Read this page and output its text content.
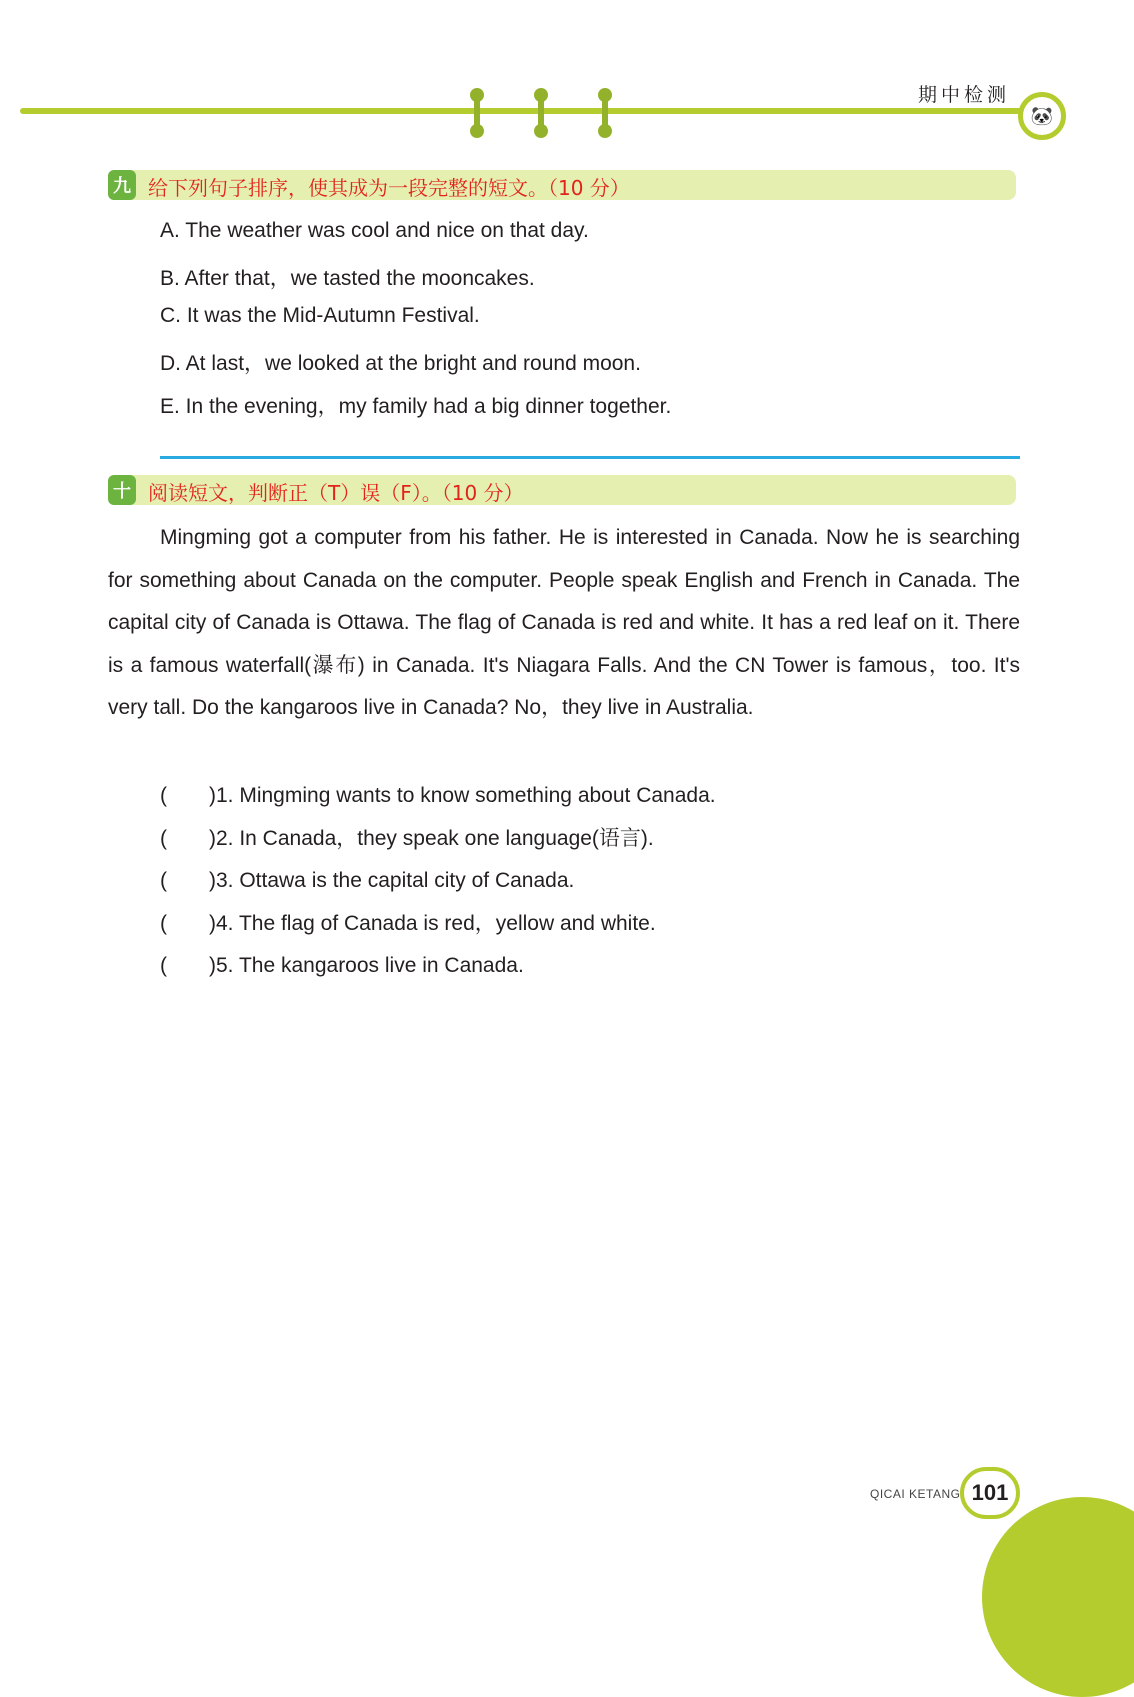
期中检测
🐼
九 给下列句子排序，使其成为一段完整的短文。（10 分）
A. The weather was cool and nice on that day.
B. After that，we tasted the mooncakes.
C. It was the Mid-Autumn Festival.
D. At last，we looked at the bright and round moon.
E. In the evening，my family had a big dinner together.
十 阅读短文，判断正（T）误（F）。（10 分）

Mingming got a computer from his father. He is interested in Canada. Now he is searching for something about Canada on the computer. People speak English and French in Canada. The capital city of Canada is Ottawa. The flag of Canada is red and white. It has a red leaf on it. There is a famous waterfall(瀑布) in Canada. It's Niagara Falls. And the CN Tower is famous，too. It's very tall. Do the kangaroos live in Canada? No，they live in Australia.

(　　)1. Mingming wants to know something about Canada.
(　　)2. In Canada，they speak one language(语言).
(　　)3. Ottawa is the capital city of Canada.
(　　)4. The flag of Canada is red，yellow and white.
(　　)5. The kangaroos live in Canada.
QICAI KETANG 101
